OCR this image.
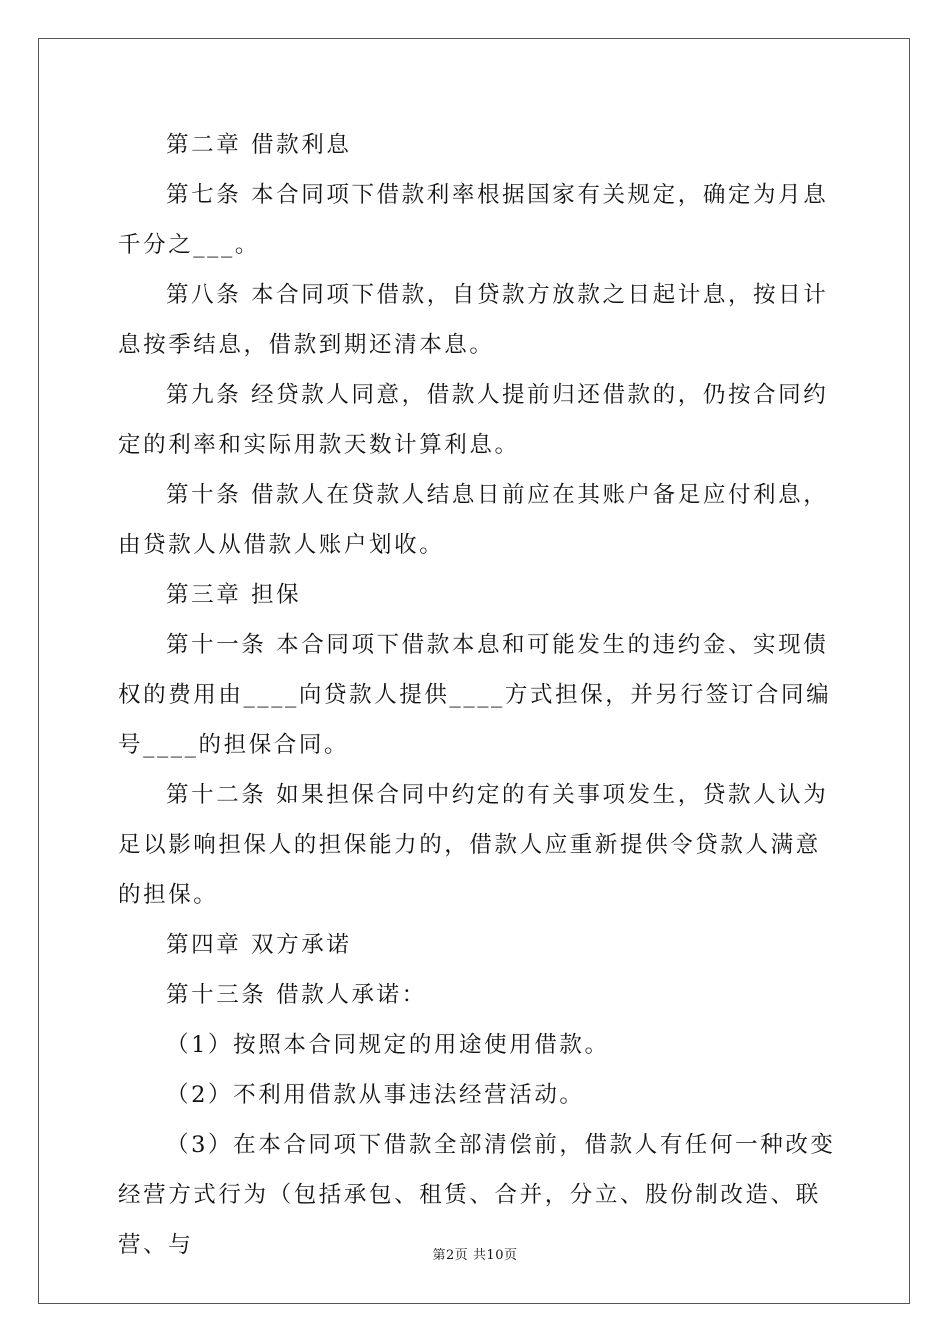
第二章 借款利息

第七条 本合同项下借款利率根据国家有关规定，确定为月息千分之___。

第八条 本合同项下借款，自贷款方放款之日起计息，按日计息按季结息，借款到期还清本息。

第九条 经贷款人同意，借款人提前归还借款的，仍按合同约定的利率和实际用款天数计算利息。

第十条 借款人在贷款人结息日前应在其账户备足应付利息，由贷款人从借款人账户划收。

第三章 担保

第十一条 本合同项下借款本息和可能发生的违约金、实现债权的费用由____向贷款人提供____方式担保，并另行签订合同编号____的担保合同。

第十二条 如果担保合同中约定的有关事项发生，贷款人认为足以影响担保人的担保能力的，借款人应重新提供令贷款人满意的担保。

第四章 双方承诺

第十三条 借款人承诺：

（1）按照本合同规定的用途使用借款。

（2）不利用借款从事违法经营活动。

（3）在本合同项下借款全部清偿前，借款人有任何一种改变经营方式行为（包括承包、租赁、合并，分立、股份制改造、联营、与	第2页 共10页
